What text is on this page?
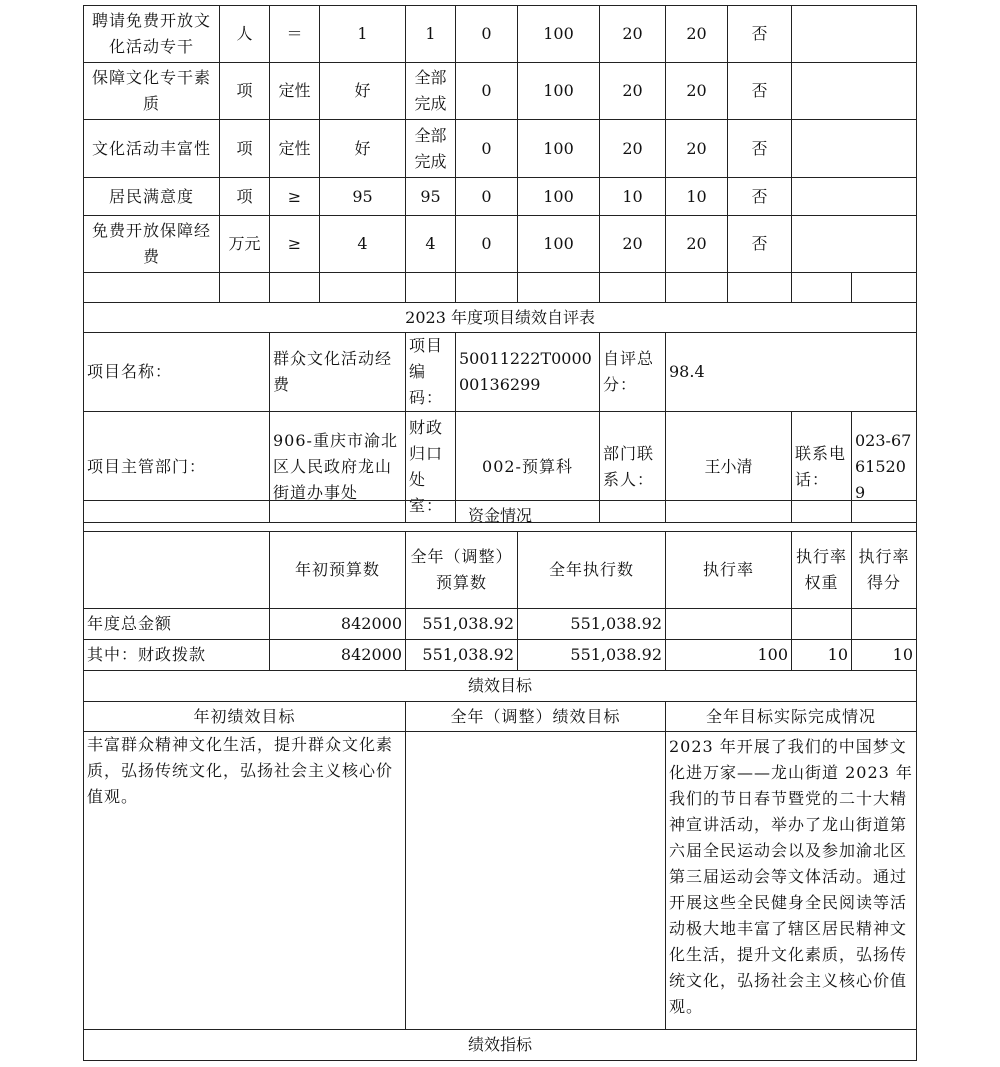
聘请免费开放文化活动专干	人	＝	1	1	0	100	20	20	否		
保障文化专干素质	项	定性	好	全部完成	0	100	20	20	否		
文化活动丰富性	项	定性	好	全部完成	0	100	20	20	否		
居民满意度	项	≥	95	95	0	100	10	10	否		
免费开放保障经费	万元	≥	4	4	0	100	20	20	否		

2023 年度项目绩效自评表							
项目名称：	群众文化活动经费	项目编码：	50011222T000000136299	自评总分：	98.4		
项目主管部门：	906-重庆市渝北区人民政府龙山街道办事处	财政归口处室：	002-预算科	部门联系人：	王小清	联系电话：	023-67615209
资金情况						
	年初预算数	全年（调整）预算数	全年执行数	执行率	执行率权重	执行率得分
年度总金额	842000	551,038.92	551,038.92			
其中：财政拨款	842000	551,038.92	551,038.92	100	10	10
绩效目标						
年初绩效目标		全年（调整）绩效目标		全年目标实际完成情况		
丰富群众精神文化生活，提升群众文化素质，弘扬传统文化，弘扬社会主义核心价值观。				2023 年开展了我们的中国梦文化进万家——龙山街道 2023 年我们的节日春节暨党的二十大精神宣讲活动，举办了龙山街道第六届全民运动会以及参加渝北区第三届运动会等文体活动。通过开展这些全民健身全民阅读等活动极大地丰富了辖区居民精神文化生活，提升文化素质，弘扬传统文化，弘扬社会主义核心价值观。		
绩效指标						
